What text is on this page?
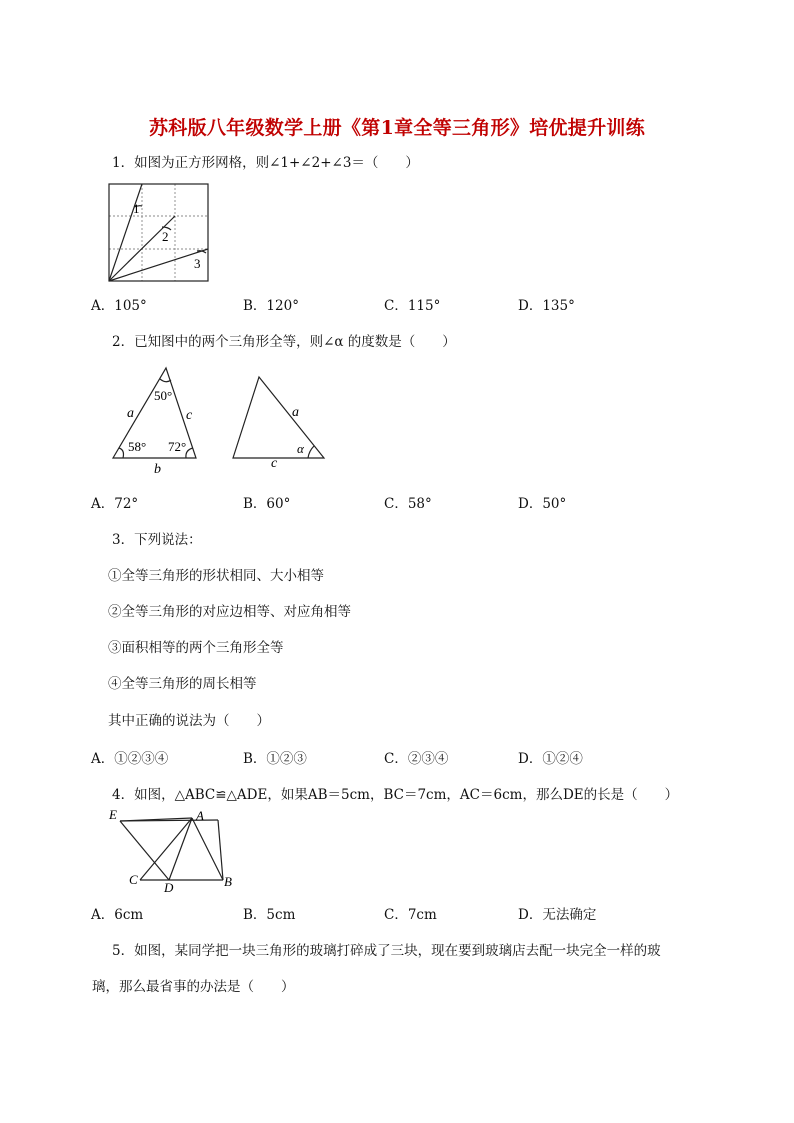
苏科版八年级数学上册《第1章全等三角形》培优提升训练
1．如图为正方形网格，则∠1+∠2+∠3＝（　　）
1
2
3
A．105°	B．120°	C．115°	D．135°
2．已知图中的两个三角形全等，则∠α 的度数是（　　）
50°
58° 72°
a	c
b
a
c
α
A．72°	B．60°	C．58°	D．50°
3．下列说法：
①全等三角形的形状相同、大小相等
②全等三角形的对应边相等、对应角相等
③面积相等的两个三角形全等
④全等三角形的周长相等
其中正确的说法为（　　）
A．①②③④	B．①②③	C．②③④	D．①②④
4．如图，△ABC≌△ADE，如果AB＝5cm，BC＝7cm，AC＝6cm，那么DE的长是（　　）
E	A
C
D	B
A．6cm	B．5cm	C．7cm	D．无法确定
5．如图，某同学把一块三角形的玻璃打碎成了三块，现在要到玻璃店去配一块完全一样的玻
璃，那么最省事的办法是（　　）
